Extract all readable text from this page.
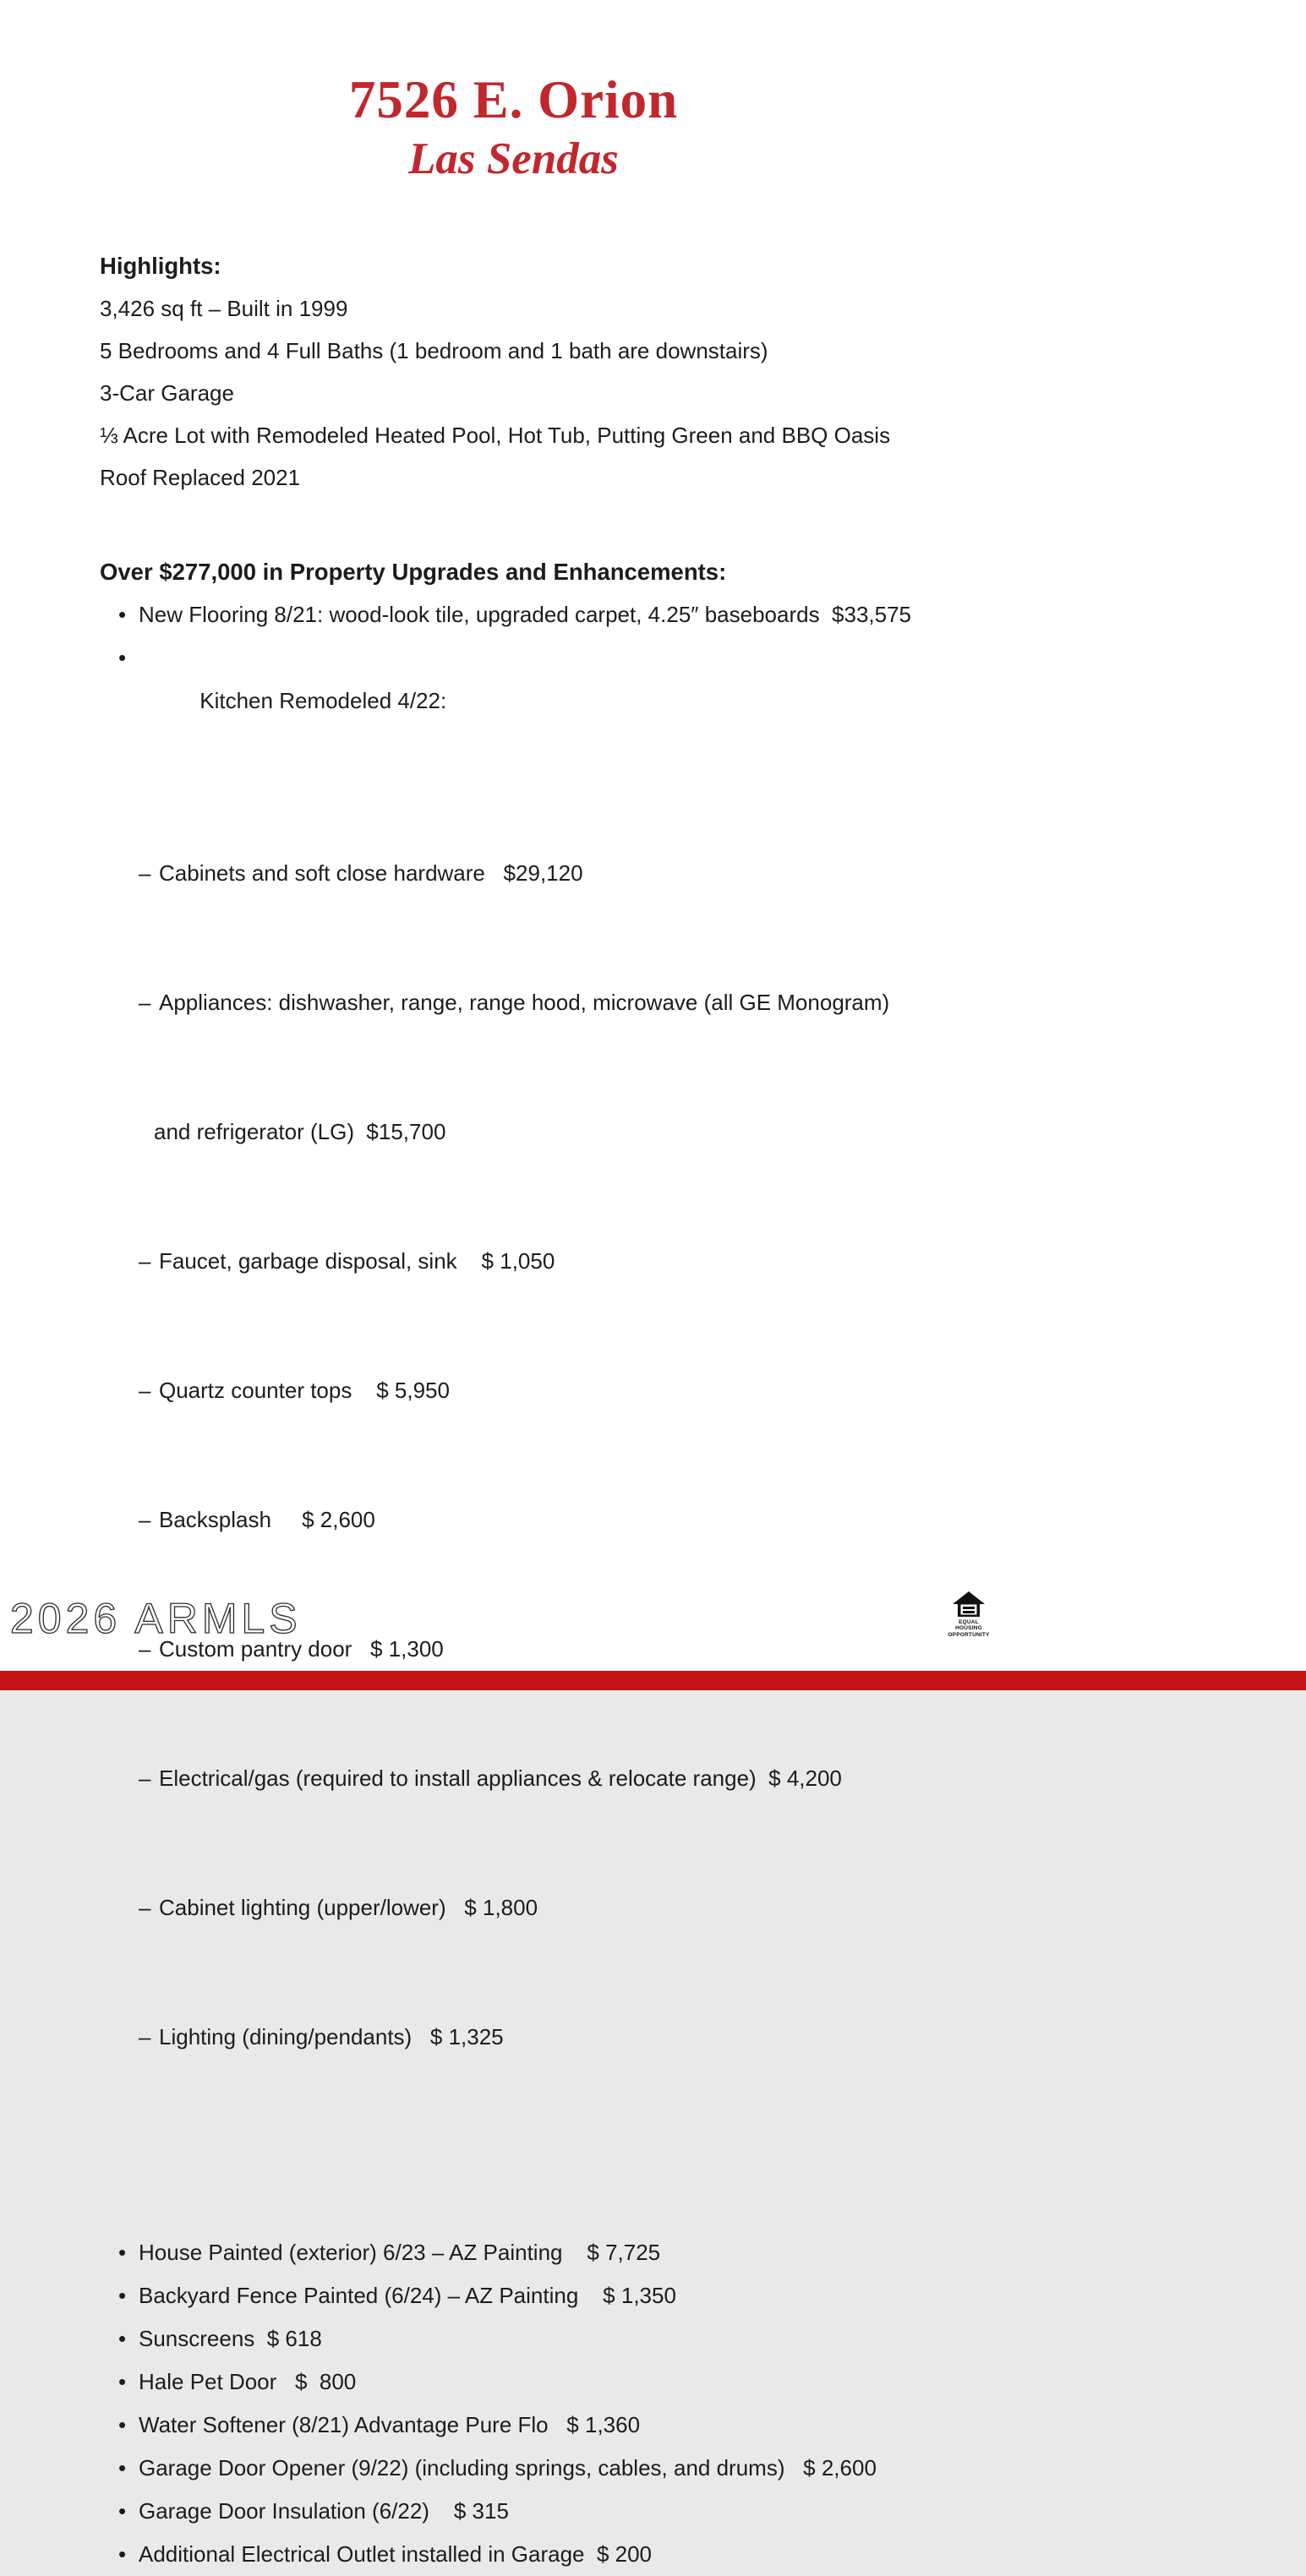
7526 E. Orion
Las Sendas

Highlights:

3,426 sq ft – Built in 1999

5 Bedrooms and 4 Full Baths (1 bedroom and 1 bath are downstairs)

3-Car Garage

⅓ Acre Lot with Remodeled Heated Pool, Hot Tub, Putting Green and BBQ Oasis

Roof Replaced 2021

Over $277,000 in Property Upgrades and Enhancements:

• New Flooring 8/21: wood-look tile, upgraded carpet, 4.25″ baseboards  $33,575

• Kitchen Remodeled 4/22:

– Cabinets and soft close hardware   $29,120

– Appliances: dishwasher, range, range hood, microwave (all GE Monogram)

and refrigerator (LG)  $15,700

– Faucet, garbage disposal, sink    $ 1,050

– Quartz counter tops    $ 5,950

– Backsplash     $ 2,600

– Custom pantry door   $ 1,300

– Electrical/gas (required to install appliances & relocate range)  $ 4,200

– Cabinet lighting (upper/lower)   $ 1,800

– Lighting (dining/pendants)   $ 1,325

• House Painted (exterior) 6/23 – AZ Painting    $ 7,725
• Backyard Fence Painted (6/24) – AZ Painting    $ 1,350
• Sunscreens  $ 618
• Hale Pet Door   $  800
• Water Softener (8/21) Advantage Pure Flo   $ 1,360
• Garage Door Opener (9/22) (including springs, cables, and drums)   $ 2,600
• Garage Door Insulation (6/22)    $ 315
• Additional Electrical Outlet installed in Garage  $ 200
2026 ARMLS	EQUAL HOUSING
OPPORTUNITY
